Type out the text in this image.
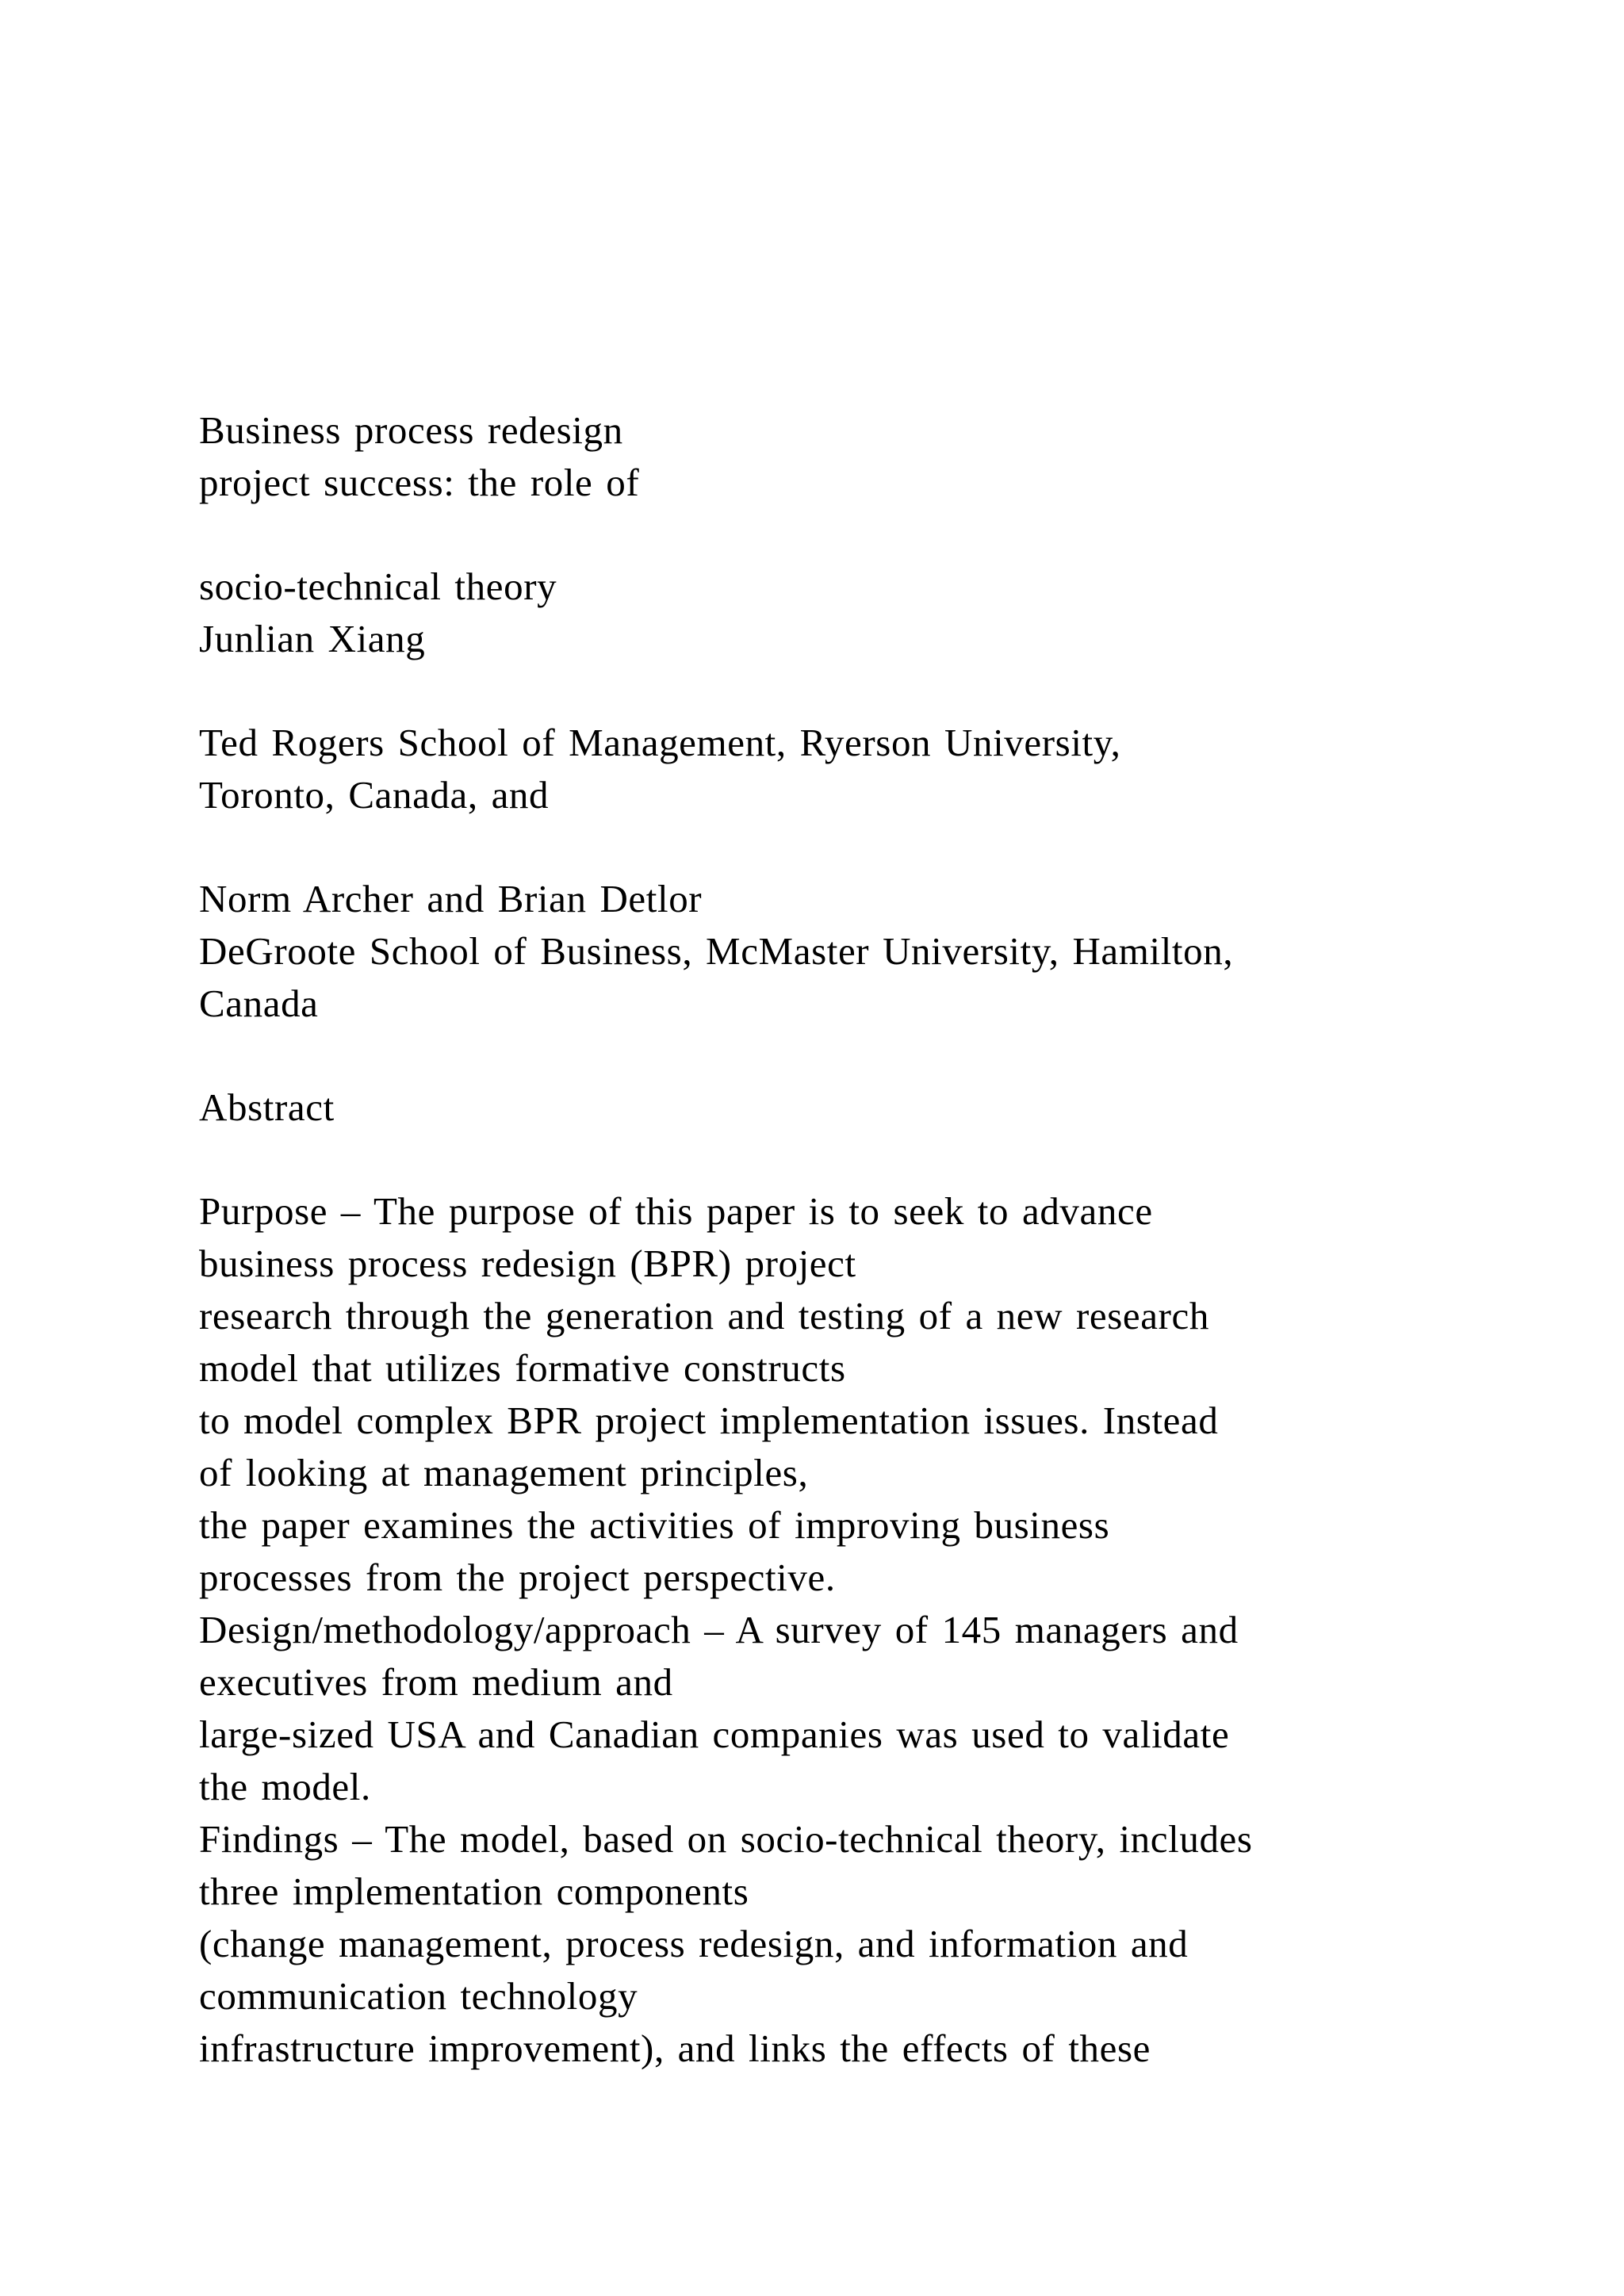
Business process redesign

project success: the role of

socio-technical theory

Junlian Xiang

Ted Rogers School of Management, Ryerson University,

Toronto, Canada, and

Norm Archer and Brian Detlor

DeGroote School of Business, McMaster University, Hamilton,

Canada

Abstract

Purpose – The purpose of this paper is to seek to advance

business process redesign (BPR) project

research through the generation and testing of a new research

model that utilizes formative constructs

to model complex BPR project implementation issues. Instead

of looking at management principles,

the paper examines the activities of improving business

processes from the project perspective.

Design/methodology/approach – A survey of 145 managers and

executives from medium and

large-sized USA and Canadian companies was used to validate

the model.

Findings – The model, based on socio-technical theory, includes

three implementation components

(change management, process redesign, and information and

communication technology

infrastructure improvement), and links the effects of these
